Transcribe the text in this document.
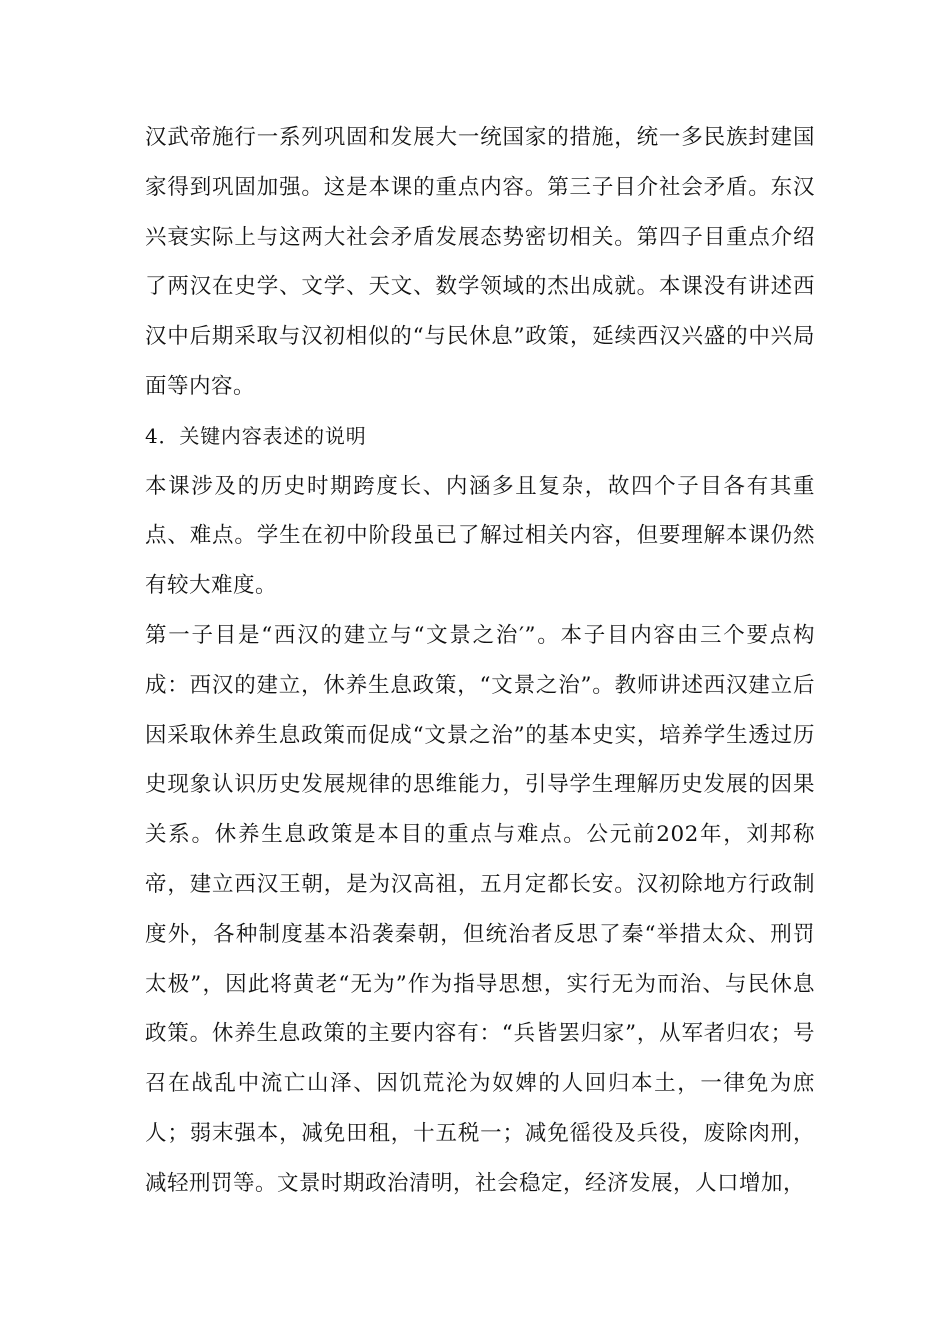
汉武帝施行一系列巩固和发展大一统国家的措施，统一多民族封建国家得到巩固加强。这是本课的重点内容。第三子目介社会矛盾。东汉兴衰实际上与这两大社会矛盾发展态势密切相关。第四子目重点介绍了两汉在史学、文学、天文、数学领域的杰出成就。本课没有讲述西汉中后期采取与汉初相似的“与民休息”政策，延续西汉兴盛的中兴局面等内容。

4．关键内容表述的说明

本课涉及的历史时期跨度长、内涵多且复杂，故四个子目各有其重点、难点。学生在初中阶段虽已了解过相关内容，但要理解本课仍然有较大难度。

第一子目是“西汉的建立与“文景之治′”。本子目内容由三个要点构成：西汉的建立，休养生息政策，“文景之治”。教师讲述西汉建立后因采取休养生息政策而促成“文景之治”的基本史实，培养学生透过历史现象认识历史发展规律的思维能力，引导学生理解历史发展的因果关系。休养生息政策是本目的重点与难点。公元前202年，刘邦称帝，建立西汉王朝，是为汉高祖，五月定都长安。汉初除地方行政制度外，各种制度基本沿袭秦朝，但统治者反思了秦“举措太众、刑罚太极”，因此将黄老“无为”作为指导思想，实行无为而治、与民休息政策。休养生息政策的主要内容有：“兵皆罢归家”，从军者归农；号召在战乱中流亡山泽、因饥荒沦为奴婢的人回归本土，一律免为庶人；弱末强本，减免田租，十五税一；减免徭役及兵役，废除肉刑，减轻刑罚等。文景时期政治清明，社会稳定，经济发展，人口增加，
